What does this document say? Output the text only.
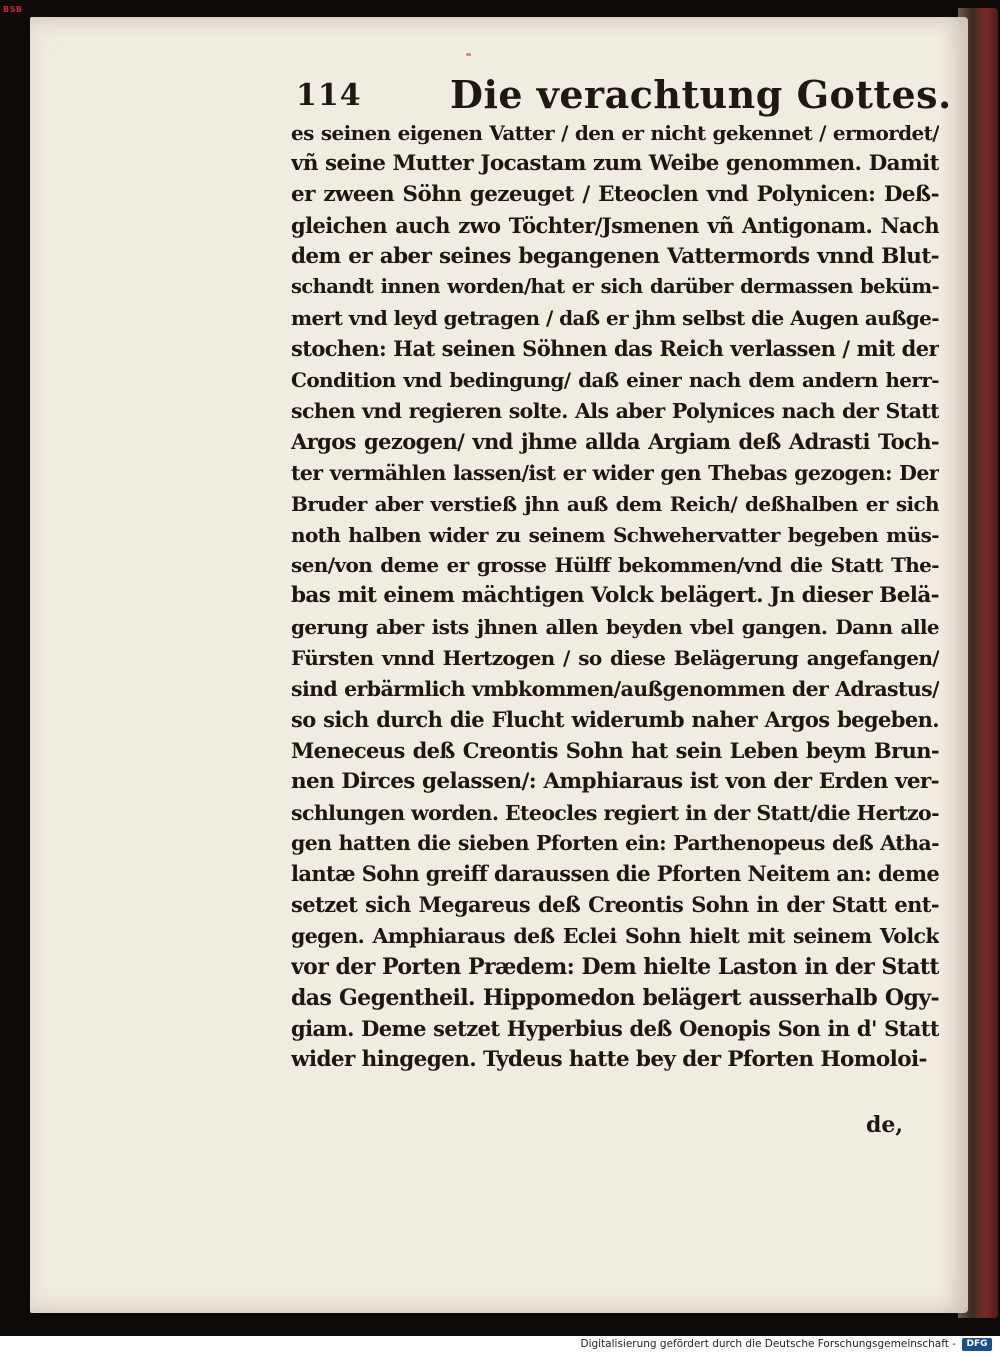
BSB
114 Die verachtung Gottes.
es seinen eigenen Vatter / den er nicht gekennet / ermordet/
vñ seine Mutter Jocastam zum Weibe genommen. Damit
er zween Söhn gezeuget / Eteoclen vnd Polynicen: Deß-
gleichen auch zwo Töchter/Jsmenen vñ Antigonam. Nach
dem er aber seines begangenen Vattermords vnnd Blut-
schandt innen worden/hat er sich darüber dermassen beküm-
mert vnd leyd getragen / daß er jhm selbst die Augen außge-
stochen: Hat seinen Söhnen das Reich verlassen / mit der
Condition vnd bedingung/ daß einer nach dem andern herr-
schen vnd regieren solte. Als aber Polynices nach der Statt
Argos gezogen/ vnd jhme allda Argiam deß Adrasti Toch-
ter vermählen lassen/ist er wider gen Thebas gezogen: Der
Bruder aber verstieß jhn auß dem Reich/ deßhalben er sich
noth halben wider zu seinem Schwehervatter begeben müs-
sen/von deme er grosse Hülff bekommen/vnd die Statt The-
bas mit einem mächtigen Volck belägert. Jn dieser Belä-
gerung aber ists jhnen allen beyden vbel gangen. Dann alle
Fürsten vnnd Hertzogen / so diese Belägerung angefangen/
sind erbärmlich vmbkommen/außgenommen der Adrastus/
so sich durch die Flucht widerumb naher Argos begeben.
Meneceus deß Creontis Sohn hat sein Leben beym Brun-
nen Dirces gelassen/: Amphiaraus ist von der Erden ver-
schlungen worden. Eteocles regiert in der Statt/die Hertzo-
gen hatten die sieben Pforten ein: Parthenopeus deß Atha-
lantæ Sohn greiff daraussen die Pforten Neitem an: deme
setzet sich Megareus deß Creontis Sohn in der Statt ent-
gegen. Amphiaraus deß Eclei Sohn hielt mit seinem Volck
vor der Porten Prædem: Dem hielte Laston in der Statt
das Gegentheil. Hippomedon belägert ausserhalb Ogy-
giam. Deme setzet Hyperbius deß Oenopis Son in d' Statt
wider hingegen. Tydeus hatte bey der Pforten Homoloi-
de,
Digitalisierung gefördert durch die Deutsche Forschungsgemeinschaft -	DFG
